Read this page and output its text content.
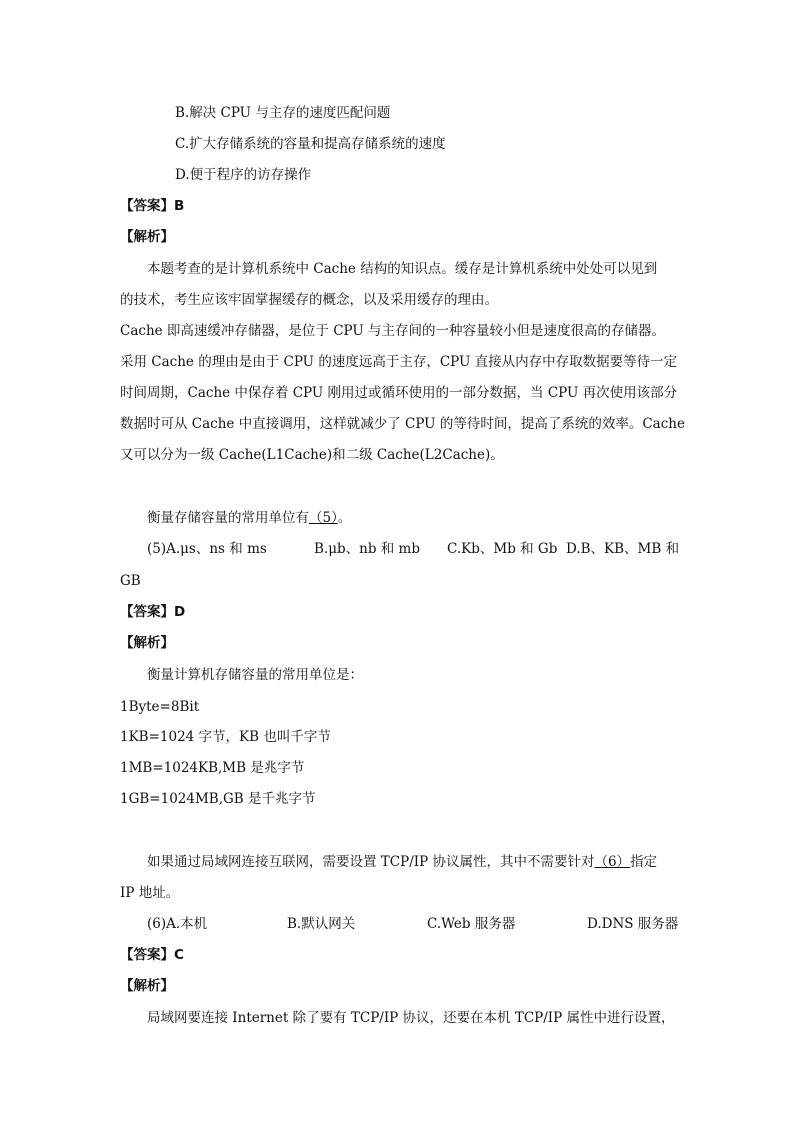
B.解决 CPU 与主存的速度匹配问题
C.扩大存储系统的容量和提高存储系统的速度
D.便于程序的访存操作
【答案】B
【解析】
本题考查的是计算机系统中 Cache 结构的知识点。缓存是计算机系统中处处可以见到
的技术，考生应该牢固掌握缓存的概念，以及采用缓存的理由。
Cache 即高速缓冲存储器，是位于 CPU 与主存间的一种容量较小但是速度很高的存储器。
采用 Cache 的理由是由于 CPU 的速度远高于主存，CPU 直接从内存中存取数据要等待一定
时间周期，Cache 中保存着 CPU 刚用过或循环使用的一部分数据，当 CPU 再次使用该部分
数据时可从 Cache 中直接调用，这样就减少了 CPU 的等待时间，提高了系统的效率。Cache
又可以分为一级 Cache(L1Cache)和二级 Cache(L2Cache)。
衡量存储容量的常用单位有（5）。
(5)A.μs、ns 和 ms	B.μb、nb 和 mb C.Kb、Mb 和 Gb D.B、KB、MB 和
GB
【答案】D
【解析】
衡量计算机存储容量的常用单位是：
1Byte=8Bit
1KB=1024 字节，KB 也叫千字节
1MB=1024KB,MB 是兆字节
1GB=1024MB,GB 是千兆字节
如果通过局域网连接互联网，需要设置 TCP/IP 协议属性，其中不需要针对（6）指定
IP 地址。
(6)A.本机	B.默认网关	C.Web 服务器	D.DNS 服务器
【答案】C
【解析】
局域网要连接 Internet 除了要有 TCP/IP 协议，还要在本机 TCP/IP 属性中进行设置，
